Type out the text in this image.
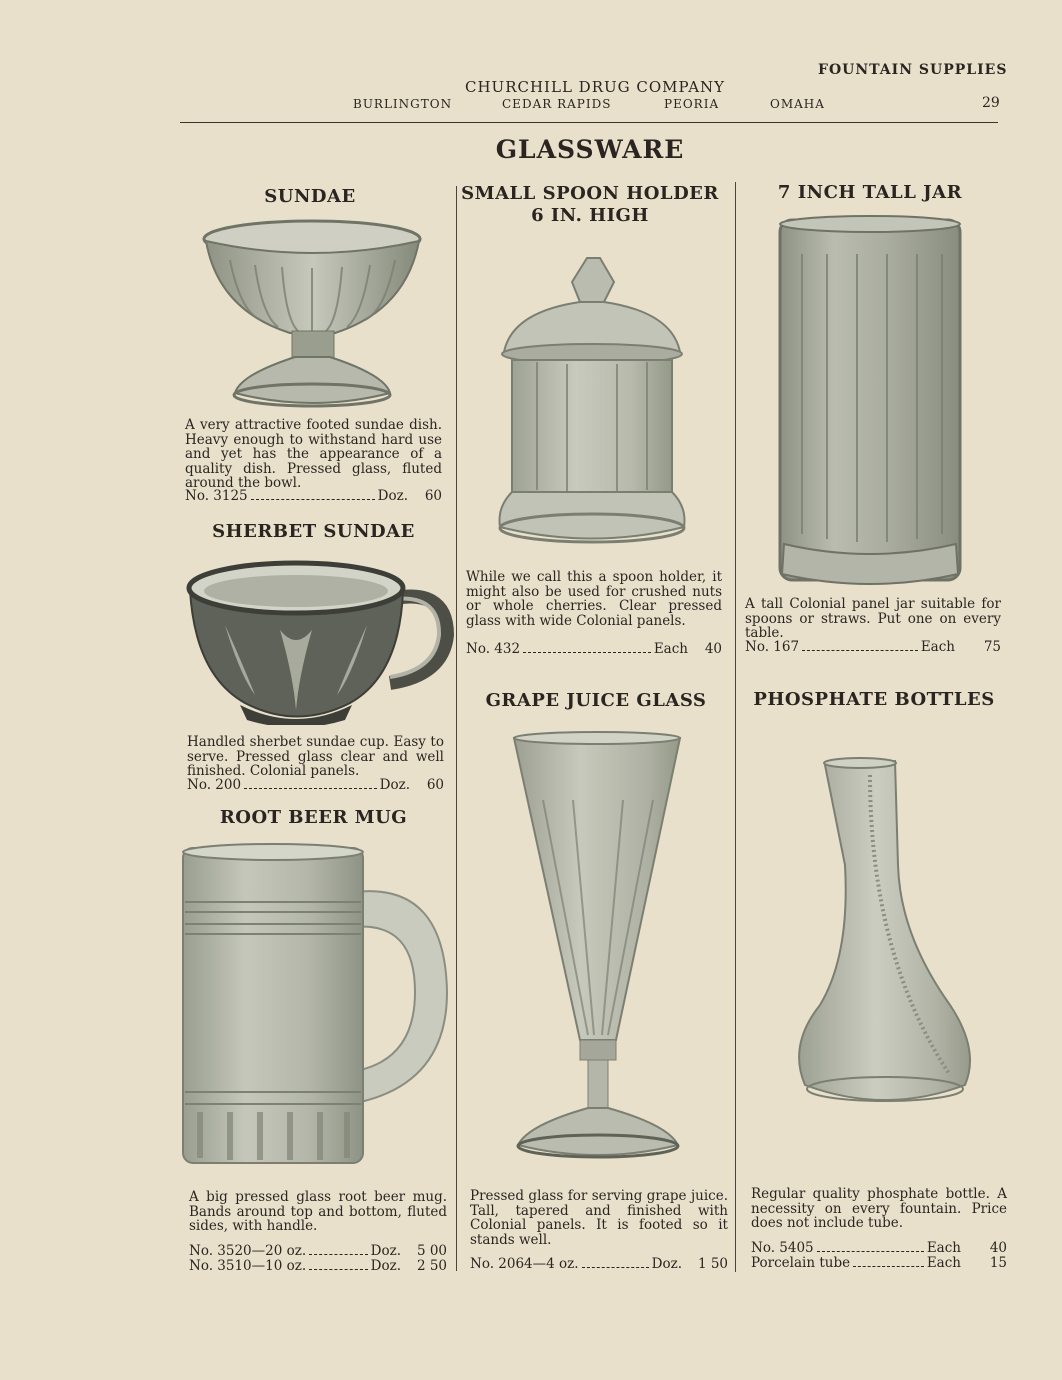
FOUNTAIN SUPPLIES
CHURCHILL DRUG COMPANY
BURLINGTON	CEDAR RAPIDS	PEORIA	OMAHA	29
GLASSWARE
SUNDAE
A very attractive footed sundae dish. Heavy enough to withstand hard use and yet has the appearance of a quality dish. Pressed glass, fluted around the bowl.
No. 3125	Doz.	60
SHERBET SUNDAE
Handled sherbet sundae cup. Easy to serve. Pressed glass clear and well finished. Colonial panels.
No. 200	Doz.	60
ROOT BEER MUG
A big pressed glass root beer mug. Bands around top and bottom, fluted sides, with handle.
No. 3520—20 oz.	Doz.	5 00
No. 3510—10 oz.	Doz.	2 50
SMALL SPOON HOLDER
6 IN. HIGH
While we call this a spoon holder, it might also be used for crushed nuts or whole cherries. Clear pressed glass with wide Colonial panels.
No. 432	Each	40
GRAPE JUICE GLASS
Pressed glass for serving grape juice. Tall, tapered and finished with Colonial panels. It is footed so it stands well.
No. 2064—4 oz.	Doz.	1 50
7 INCH TALL JAR
A tall Colonial panel jar suitable for spoons or straws. Put one on every table.
No. 167	Each	75
PHOSPHATE BOTTLES
Regular quality phosphate bottle. A necessity on every fountain. Price does not include tube.
No. 5405	Each	40
Porcelain tube	Each	15
